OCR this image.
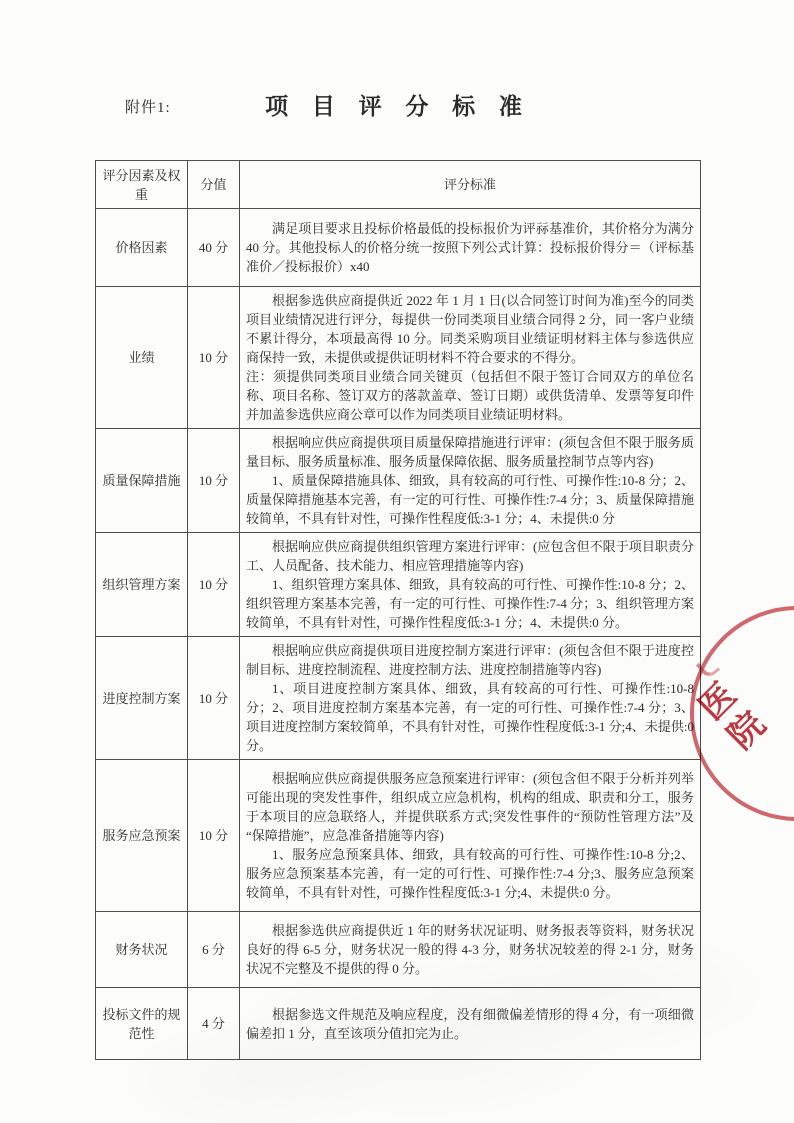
附件1:	项 目 评 分 标 准
评分因素及权重	分值	评分标准
价格因素	40 分	满足项目要求且投标价格最低的投标报价为评祘基准价，其价格分为满分 40 分。其他投标人的价格分统一按照下列公式计算：投标报价得分＝（评标基准价／投标报价）x40

业绩	10 分	根据参选供应商提供近 2022 年 1 月 1 日(以合同签订时间为准)至今的同类项目业绩情况进行评分，每提供一份同类项目业绩合同得 2 分，同一客户业绩不累计得分，本项最高得 10 分。同类采购项目业绩证明材料主体与参选供应商保持一致，未提供或提供证明材料不符合要求的不得分。

注：须提供同类项目业绩合同关键页（包括但不限于签订合同双方的单位名称、项目名称、签订双方的落款盖章、签订日期）或供货清单、发票等复印件并加盖参选供应商公章可以作为同类项目业绩证明材料。

质量保障措施	10 分	根据响应供应商提供项目质量保障措施进行评审：(须包含但不限于服务质量目标、服务质量标准、服务质量保障依据、服务质量控制节点等内容)

1、质量保障措施具体、细致，具有较高的可行性、可操作性:10-8 分；2、质量保障措施基本完善，有一定的可行性、可操作性:7-4 分；3、质量保障措施较简单，不具有针对性，可操作性程度低:3-1 分；4、未提供:0 分

组织管理方案	10 分	根据响应供应商提供组织管理方案进行评审：(应包含但不限于项目职责分工、人员配备、技术能力、相应管理措施等内容)

1、组织管理方案具体、细致，具有较高的可行性、可操作性:10-8 分；2、组织管理方案基本完善，有一定的可行性、可操作性:7-4 分；3、组织管理方案较简单，不具有针对性，可操作性程度低:3-1 分；4、未提供:0 分。

进度控制方案	10 分	根据响应供应商提供项目进度控制方案进行评审：(须包含但不限于进度控制目标、进度控制流程、进度控制方法、进度控制措施等内容)

1、项目进度控制方案具体、细致，具有较高的可行性、可操作性:10-8 分；2、项目进度控制方案基本完善，有一定的可行性、可操作性:7-4 分；3、项目进度控制方案较简单，不具有针对性，可操作性程度低:3-1 分;4、未提供:0 分。

服务应急预案	10 分	根据响应供应商提供服务应急预案进行评审：(须包含但不限于分析并列举可能出现的突发性事件，组织成立应急机构，机构的组成、职责和分工，服务于本项目的应急联络人，并提供联系方式;突发性事件的“预防性管理方法”及“保障措施”，应急准备措施等内容)

1、服务应急预案具体、细致，具有较高的可行性、可操作性:10-8 分;2、服务应急预案基本完善，有一定的可行性、可操作性:7-4 分;3、服务应急预案较简单，不具有针对性，可操作性程度低:3-1 分;4、未提供:0 分。

财务状况	6 分	根据参选供应商提供近 1 年的财务状况证明、财务报表等资料，财务状况良好的得 6-5 分，财务状况一般的得 4-3 分，财务状况较差的得 2-1 分，财务状况不完整及不提供的得 0 分。

投标文件的规范性	4 分	根据参选文件规范及响应程度，没有细微偏差情形的得 4 分，有一项细微偏差扣 1 分，直至该项分值扣完为止。

医院
